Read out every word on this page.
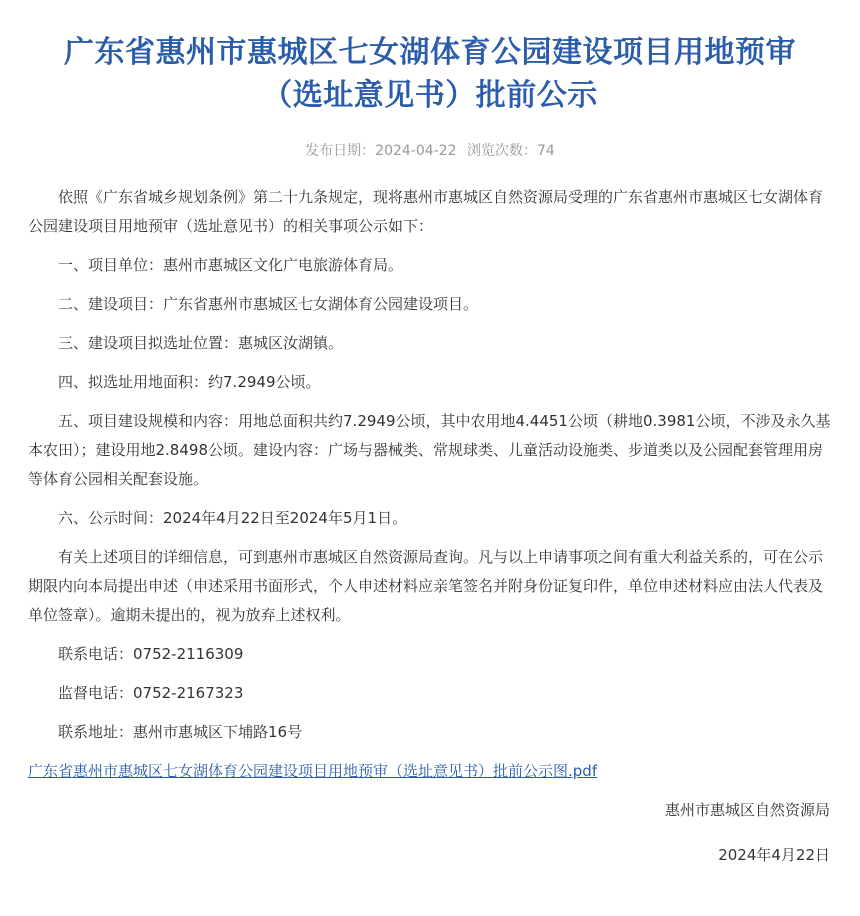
广东省惠州市惠城区七女湖体育公园建设项目用地预审
（选址意见书）批前公示
发布日期：2024-04-22 浏览次数：74

依照《广东省城乡规划条例》第二十九条规定，现将惠州市惠城区自然资源局受理的广东省惠州市惠城区七女湖体育公园建设项目用地预审（选址意见书）的相关事项公示如下：

一、项目单位：惠州市惠城区文化广电旅游体育局。

二、建设项目：广东省惠州市惠城区七女湖体育公园建设项目。

三、建设项目拟选址位置：惠城区汝湖镇。

四、拟选址用地面积：约7.2949公顷。

五、项目建设规模和内容：用地总面积共约7.2949公顷，其中农用地4.4451公顷（耕地0.3981公顷，不涉及永久基本农田）；建设用地2.8498公顷。建设内容：广场与器械类、常规球类、儿童活动设施类、步道类以及公园配套管理用房等体育公园相关配套设施。

六、公示时间：2024年4月22日至2024年5月1日。

有关上述项目的详细信息，可到惠州市惠城区自然资源局查询。凡与以上申请事项之间有重大利益关系的，可在公示期限内向本局提出申述（申述采用书面形式，个人申述材料应亲笔签名并附身份证复印件，单位申述材料应由法人代表及单位签章）。逾期未提出的，视为放弃上述权利。

联系电话：0752-2116309

监督电话：0752-2167323

联系地址：惠州市惠城区下埔路16号

广东省惠州市惠城区七女湖体育公园建设项目用地预审（选址意见书）批前公示图.pdf
惠州市惠城区自然资源局
2024年4月22日
